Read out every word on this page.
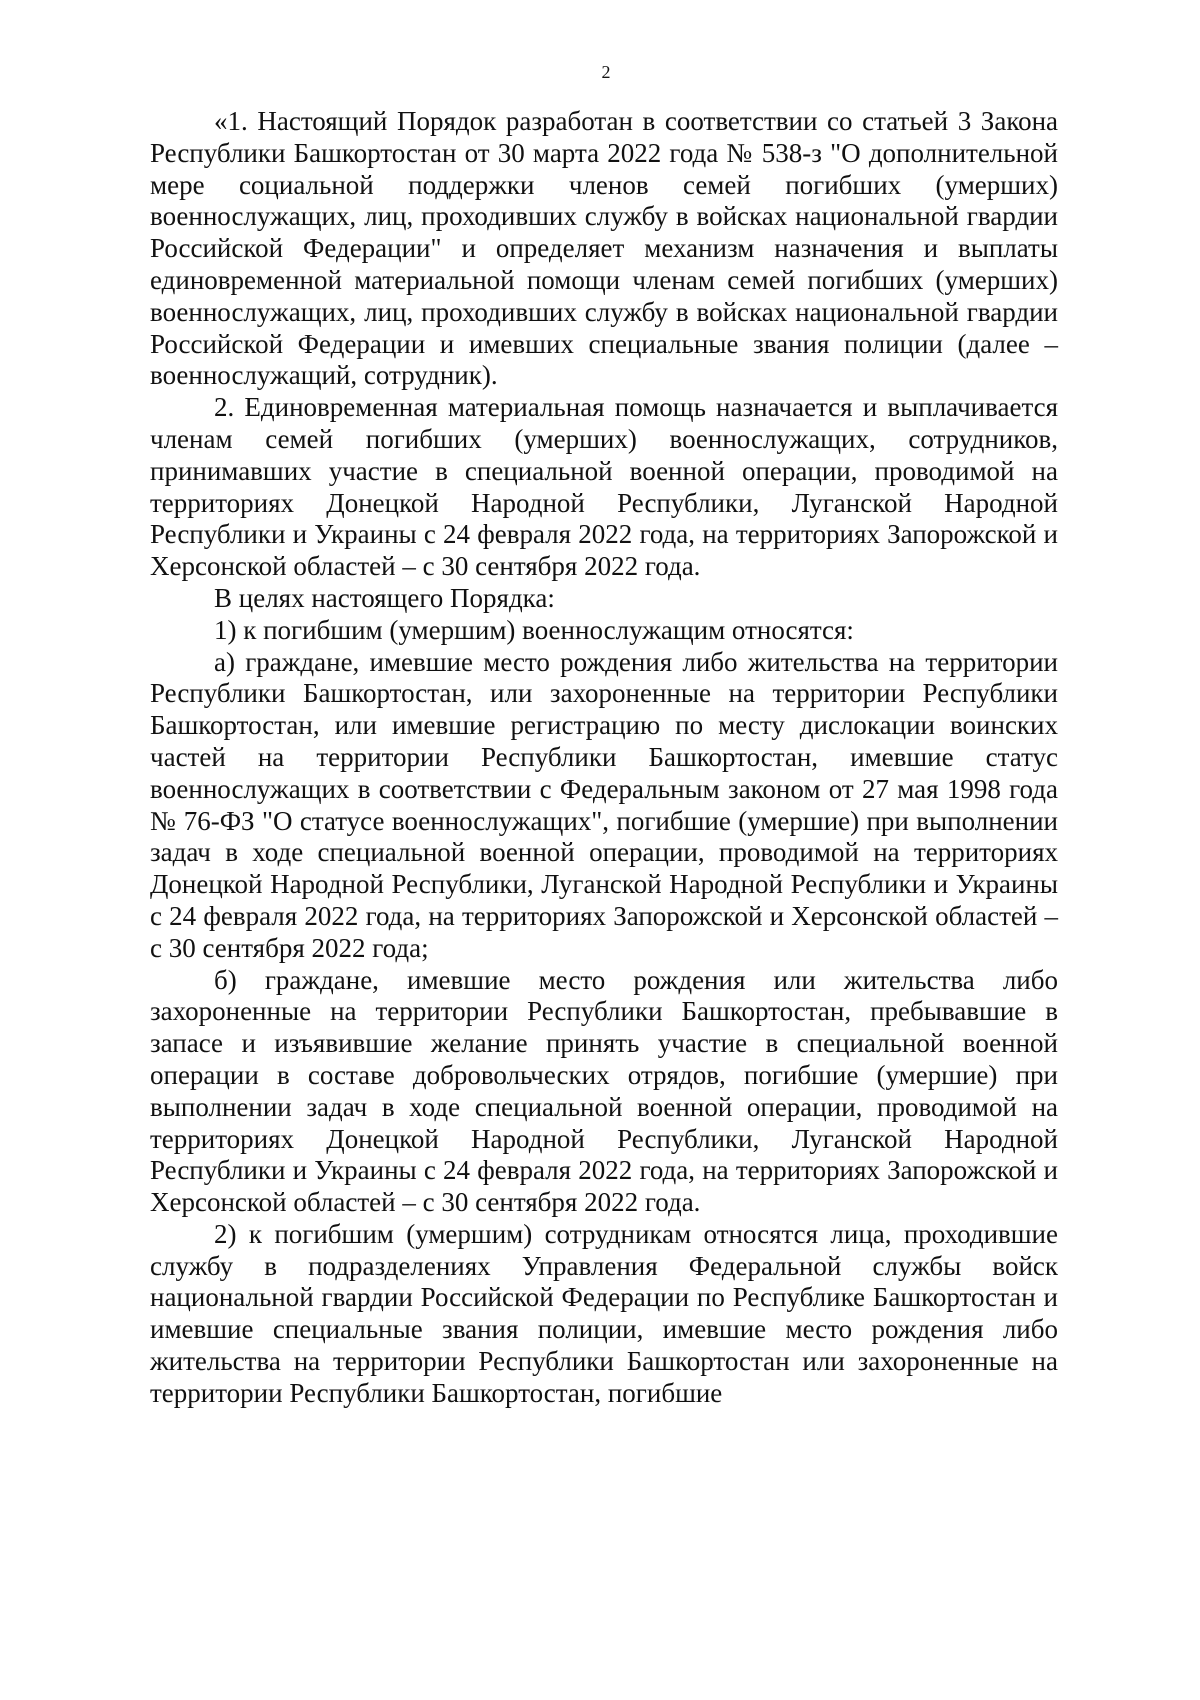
2

«1. Настоящий Порядок разработан в соответствии со статьей 3 Закона Республики Башкортостан от 30 марта 2022 года № 538-з "О дополнительной мере социальной поддержки членов семей погибших (умерших) военнослужащих, лиц, проходивших службу в войсках национальной гвардии Российской Федерации" и определяет механизм назначения и выплаты единовременной материальной помощи членам семей погибших (умерших) военнослужащих, лиц, проходивших службу в войсках национальной гвардии Российской Федерации и имевших специальные звания полиции (далее – военнослужащий, сотрудник).

2. Единовременная материальная помощь назначается и выплачивается членам семей погибших (умерших) военнослужащих, сотрудников, принимавших участие в специальной военной операции, проводимой на территориях Донецкой Народной Республики, Луганской Народной Республики и Украины с 24 февраля 2022 года, на территориях Запорожской и Херсонской областей – с 30 сентября 2022 года.

В целях настоящего Порядка:

1) к погибшим (умершим) военнослужащим относятся:

а) граждане, имевшие место рождения либо жительства на территории Республики Башкортостан, или захороненные на территории Республики Башкортостан, или имевшие регистрацию по месту дислокации воинских частей на территории Республики Башкортостан, имевшие статус военнослужащих в соответствии с Федеральным законом от 27 мая 1998 года № 76-ФЗ "О статусе военнослужащих", погибшие (умершие) при выполнении задач в ходе специальной военной операции, проводимой на территориях Донецкой Народной Республики, Луганской Народной Республики и Украины с 24 февраля 2022 года, на территориях Запорожской и Херсонской областей – с 30 сентября 2022 года;

б) граждане, имевшие место рождения или жительства либо захороненные на территории Республики Башкортостан, пребывавшие в запасе и изъявившие желание принять участие в специальной военной операции в составе добровольческих отрядов, погибшие (умершие) при выполнении задач в ходе специальной военной операции, проводимой на территориях Донецкой Народной Республики, Луганской Народной Республики и Украины с 24 февраля 2022 года, на территориях Запорожской и Херсонской областей – с 30 сентября 2022 года.

2) к погибшим (умершим) сотрудникам относятся лица, проходившие службу в подразделениях Управления Федеральной службы войск национальной гвардии Российской Федерации по Республике Башкортостан и имевшие специальные звания полиции, имевшие место рождения либо жительства на территории Республики Башкортостан или захороненные на территории Республики Башкортостан, погибшие
